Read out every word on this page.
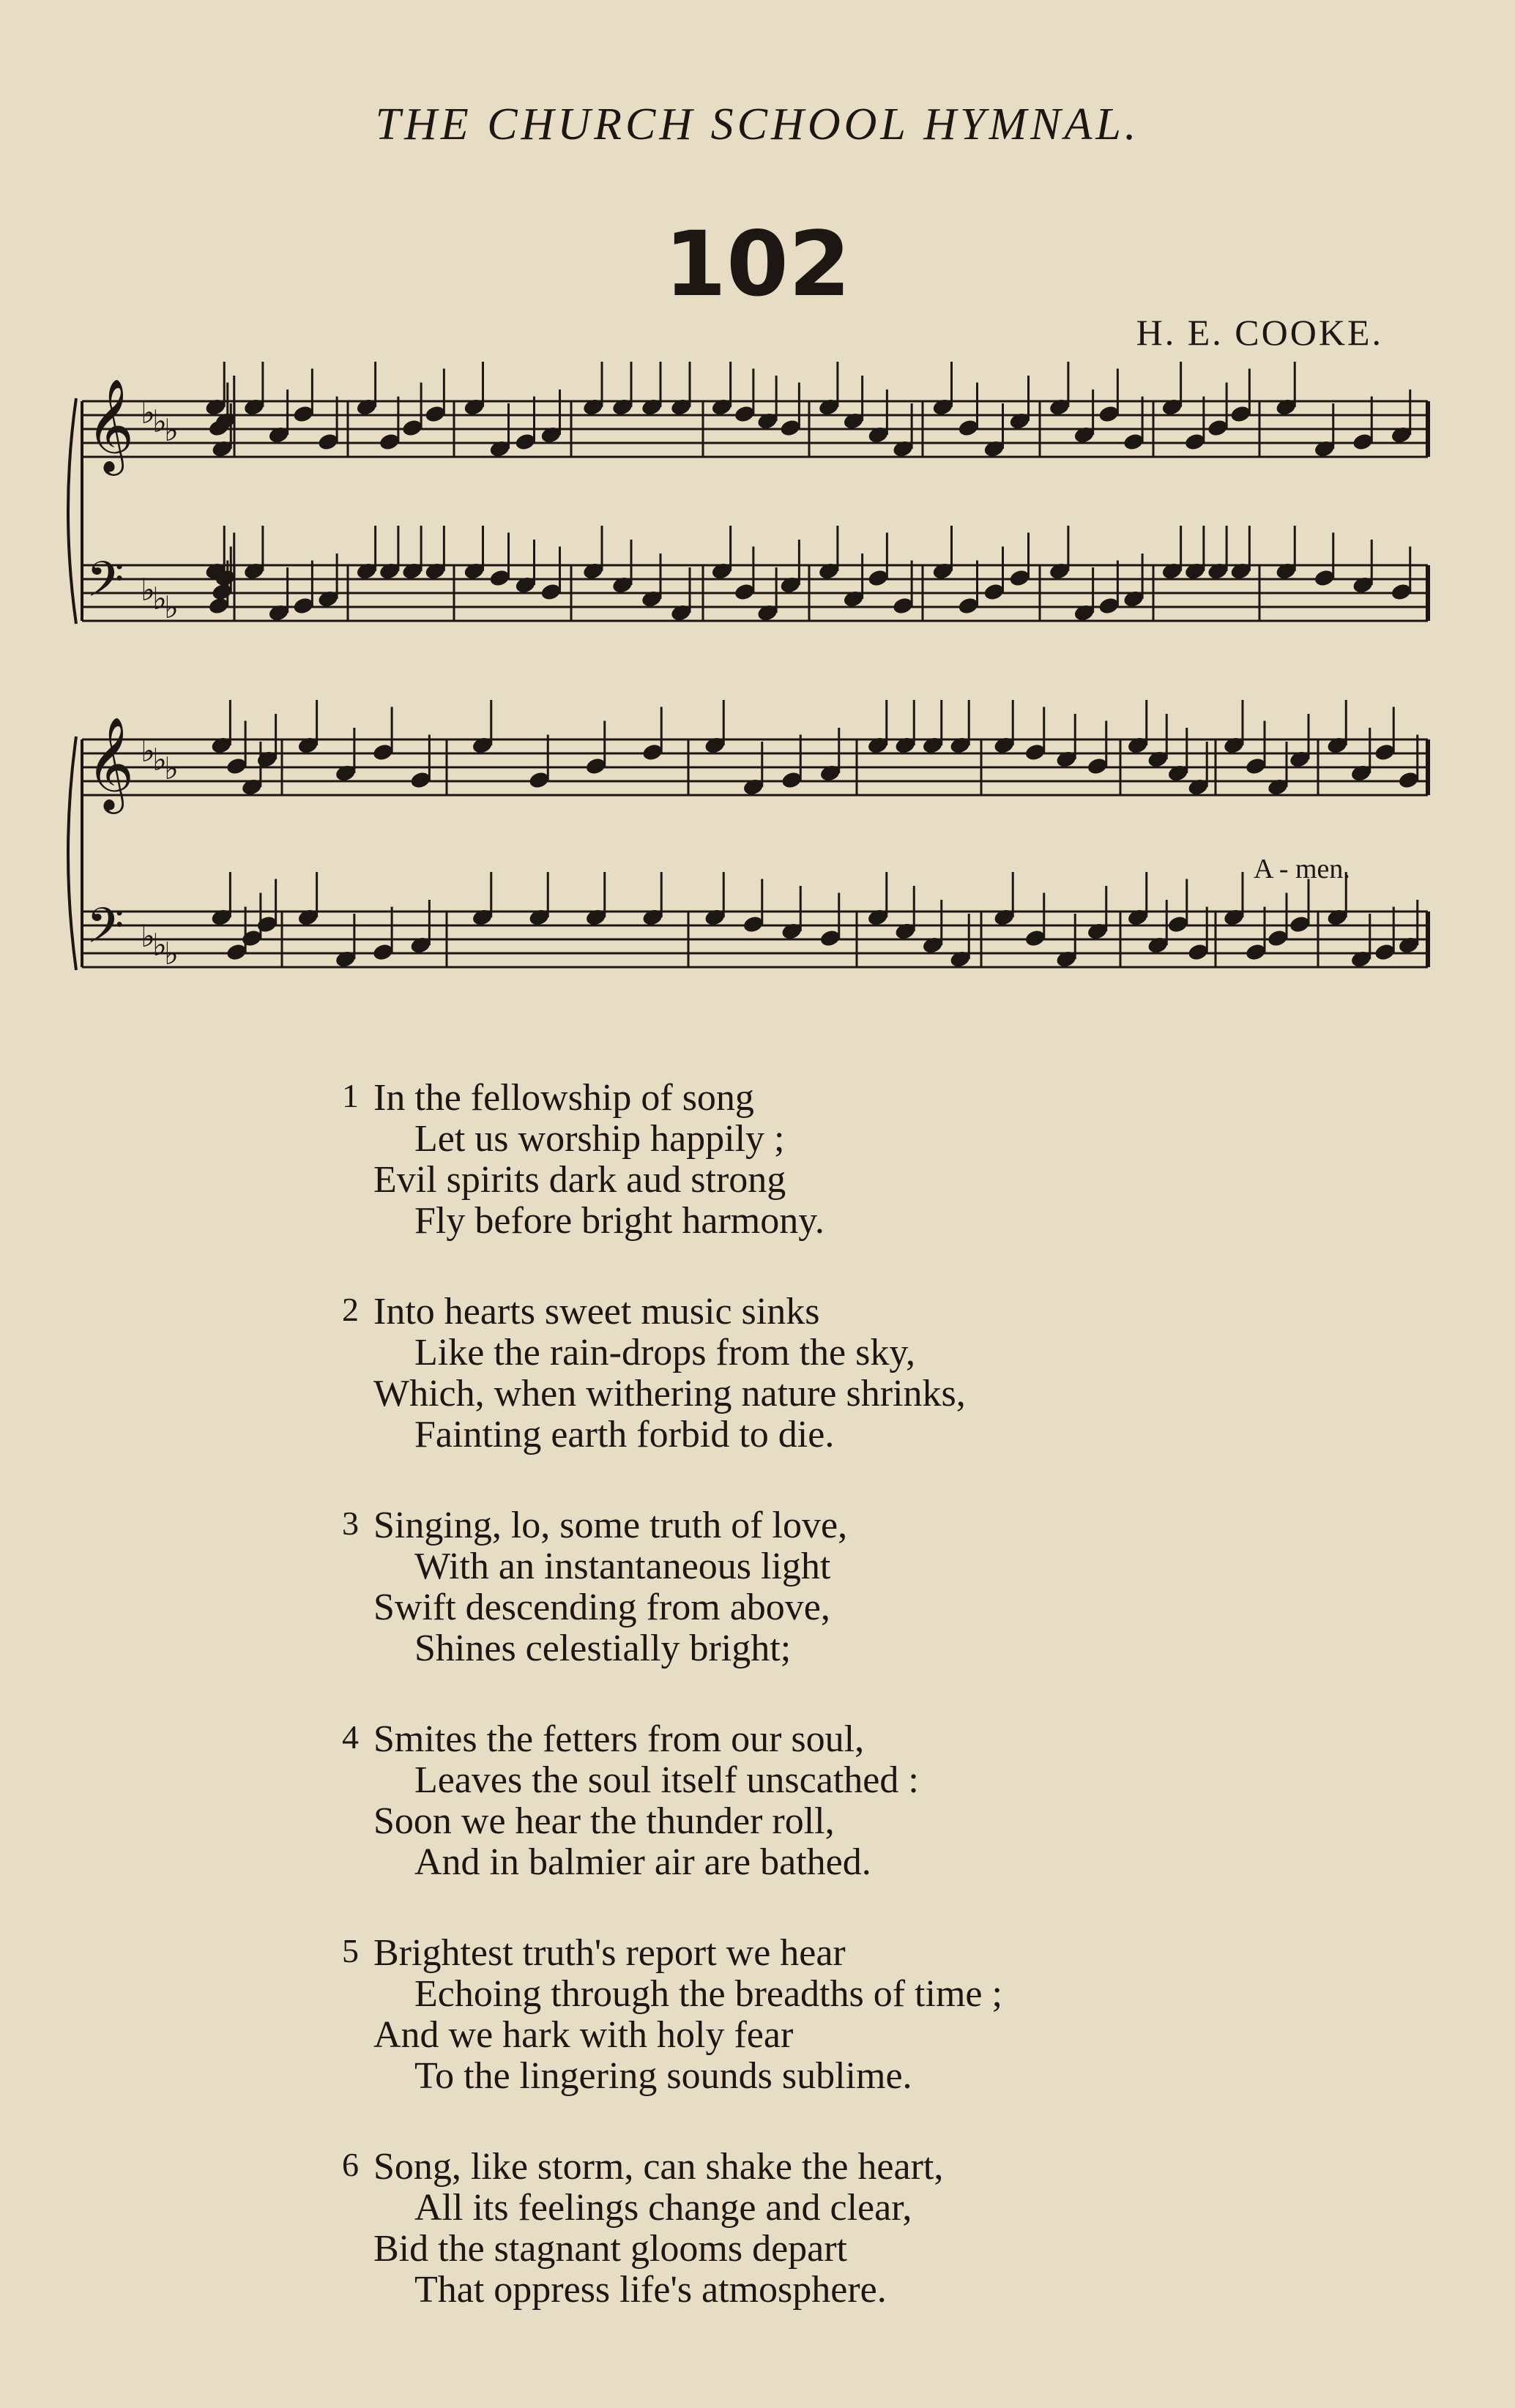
THE CHURCH SCHOOL HYMNAL.
102
H. E. COOKE.
𝄞
𝄢
♭
♭
♭
♭
♭
♭
𝄞
𝄢
♭
♭
♭
♭
♭
♭
A - men.
1 In the fellowship of song
Let us worship happily ;
Evil spirits dark aud strong
Fly before bright harmony.
2 Into hearts sweet music sinks
Like the rain-drops from the sky,
Which, when withering nature shrinks,
Fainting earth forbid to die.
3 Singing, lo, some truth of love,
With an instantaneous light
Swift descending from above,
Shines celestially bright;
4 Smites the fetters from our soul,
Leaves the soul itself unscathed :
Soon we hear the thunder roll,
And in balmier air are bathed.
5 Brightest truth's report we hear
Echoing through the breadths of time ;
And we hark with holy fear
To the lingering sounds sublime.
6 Song, like storm, can shake the heart,
All its feelings change and clear,
Bid the stagnant glooms depart
That oppress life's atmosphere.
